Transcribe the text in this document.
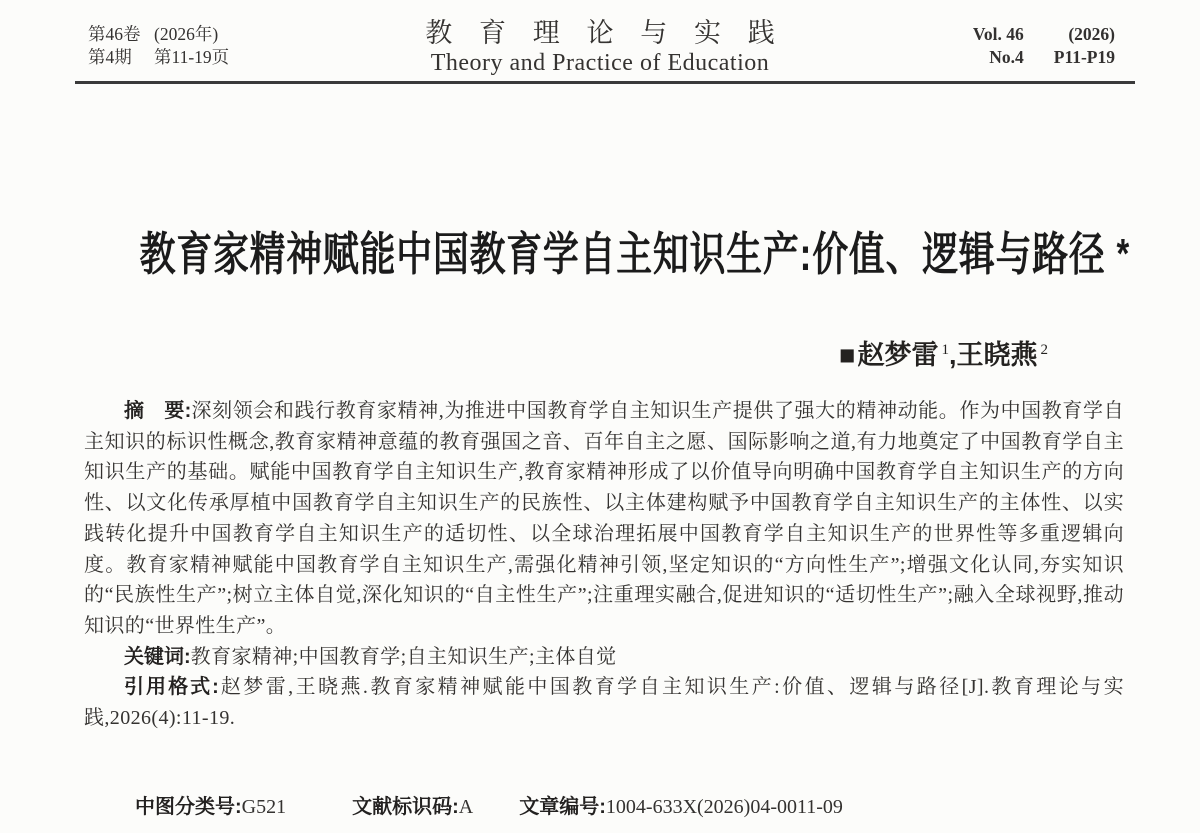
第46卷 (2026年)
第4期	第11-19页
教 育 理 论 与 实 践
Theory and Practice of Education
Vol. 46	(2026)
No.4 P11-P19
教育家精神赋能中国教育学自主知识生产:价值、逻辑与路径 *
■赵梦雷 $^1$,王晓燕 $^2$

摘　要:深刻领会和践行教育家精神,为推进中国教育学自主知识生产提供了强大的精神动能。作为中国教育学自主知识的标识性概念,教育家精神意蕴的教育强国之音、百年自主之愿、国际影响之道,有力地奠定了中国教育学自主知识生产的基础。赋能中国教育学自主知识生产,教育家精神形成了以价值导向明确中国教育学自主知识生产的方向性、以文化传承厚植中国教育学自主知识生产的民族性、以主体建构赋予中国教育学自主知识生产的主体性、以实践转化提升中国教育学自主知识生产的适切性、以全球治理拓展中国教育学自主知识生产的世界性等多重逻辑向度。教育家精神赋能中国教育学自主知识生产,需强化精神引领,坚定知识的“方向性生产”;增强文化认同,夯实知识的“民族性生产”;树立主体自觉,深化知识的“自主性生产”;注重理实融合,促进知识的“适切性生产”;融入全球视野,推动知识的“世界性生产”。

关键词:教育家精神;中国教育学;自主知识生产;主体自觉

引用格式:赵梦雷,王晓燕.教育家精神赋能中国教育学自主知识生产:价值、逻辑与路径[J].教育理论与实践,2026(4):11-19.

中图分类号:G521	文献标识码:A 文章编号:1004-633X(2026)04-0011-09
